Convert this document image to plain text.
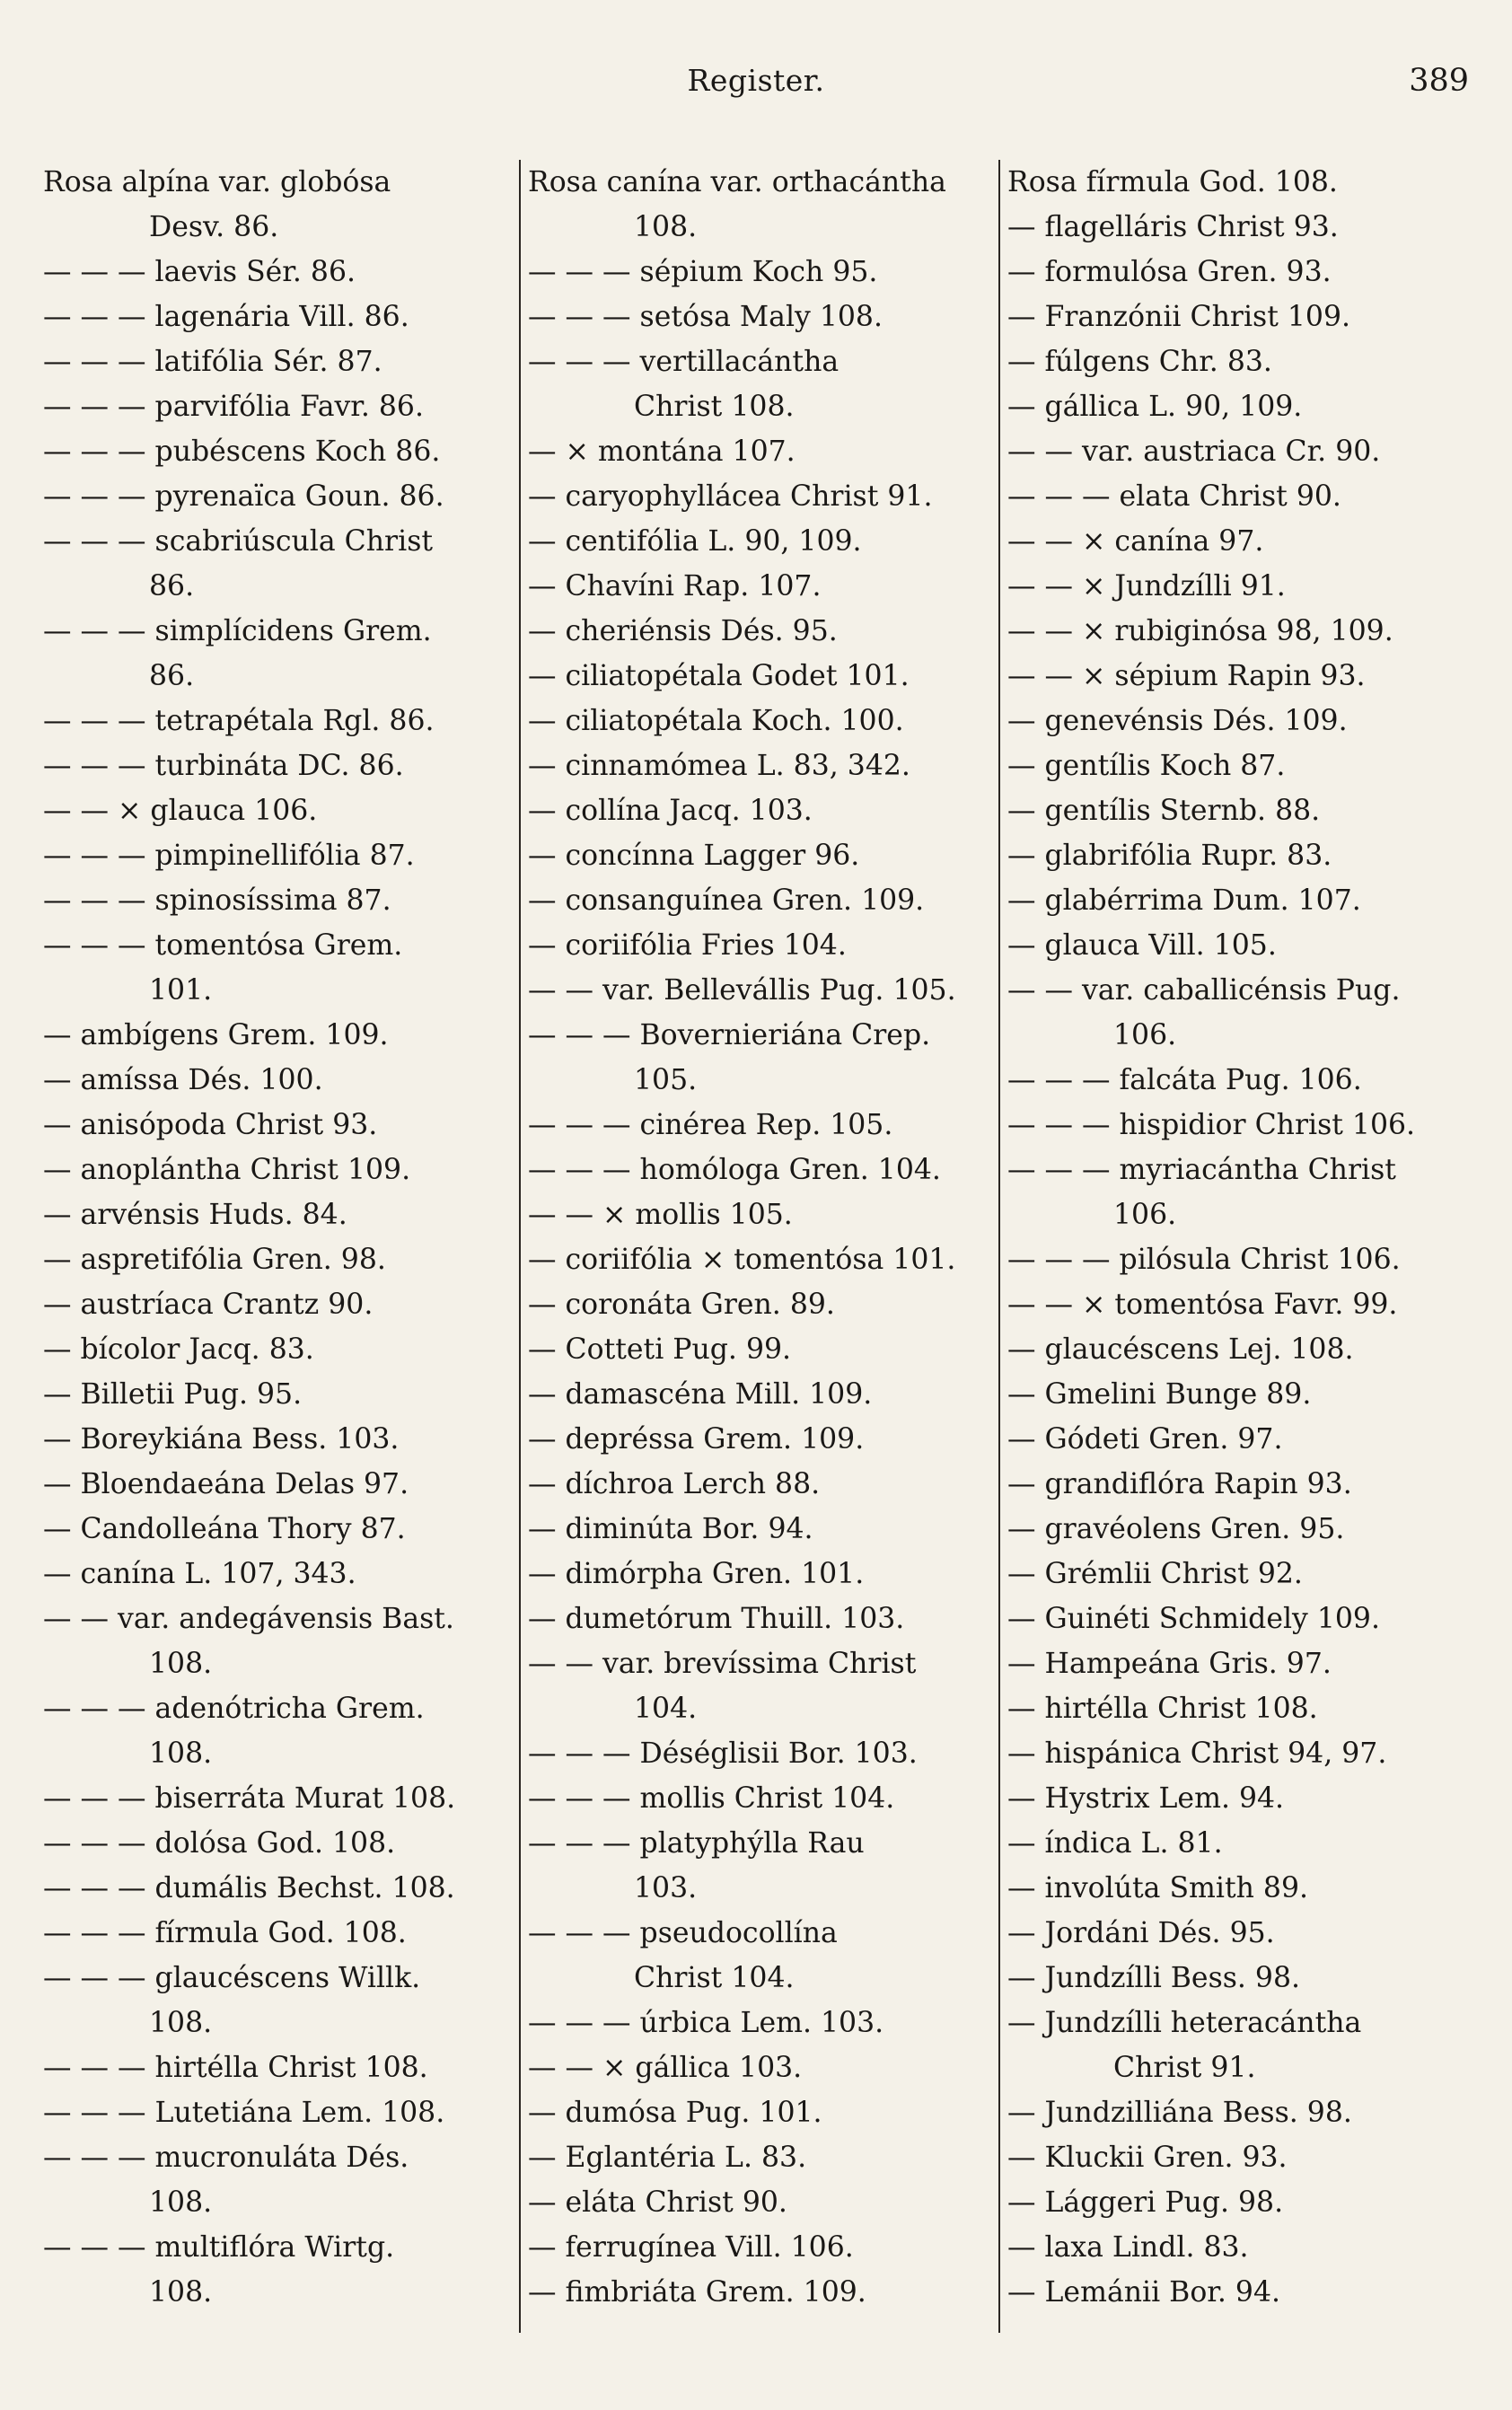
Register.	389
Rosa alpína var. globósa
Desv. 86.
— — — laevis Sér. 86.
— — — lagenária Vill. 86.
— — — latifólia Sér. 87.
— — — parvifólia Favr. 86.
— — — pubéscens Koch 86.
— — — pyrenaïca Goun. 86.
— — — scabriúscula Christ
86.
— — — simplícidens Grem.
86.
— — — tetrapétala Rgl. 86.
— — — turbináta DC. 86.
— — × glauca 106.
— — — pimpinellifólia 87.
— — — spinosíssima 87.
— — — tomentósa Grem.
101.
— ambígens Grem. 109.
— amíssa Dés. 100.
— anisópoda Christ 93.
— anoplántha Christ 109.
— arvénsis Huds. 84.
— aspretifólia Gren. 98.
— austríaca Crantz 90.
— bícolor Jacq. 83.
— Billetii Pug. 95.
— Boreykiána Bess. 103.
— Bloendaeána Delas 97.
— Candolleána Thory 87.
— canína L. 107, 343.
— — var. andegávensis Bast.
108.
— — — adenótricha Grem.
108.
— — — biserráta Murat 108.
— — — dolósa God. 108.
— — — dumális Bechst. 108.
— — — fírmula God. 108.
— — — glaucéscens Willk.
108.
— — — hirtélla Christ 108.
— — — Lutetiána Lem. 108.
— — — mucronuláta Dés.
108.
— — — multiflóra Wirtg.
108.
Rosa canína var. orthacántha
108.
— — — sépium Koch 95.
— — — setósa Maly 108.
— — — vertillacántha
Christ 108.
— × montána 107.
— caryophyllácea Christ 91.
— centifólia L. 90, 109.
— Chavíni Rap. 107.
— cheriénsis Dés. 95.
— ciliatopétala Godet 101.
— ciliatopétala Koch. 100.
— cinnamómea L. 83, 342.
— collína Jacq. 103.
— concínna Lagger 96.
— consanguínea Gren. 109.
— coriifólia Fries 104.
— — var. Bellevállis Pug. 105.
— — — Bovernieriána Crep.
105.
— — — cinérea Rep. 105.
— — — homóloga Gren. 104.
— — × mollis 105.
— coriifólia × tomentósa 101.
— coronáta Gren. 89.
— Cotteti Pug. 99.
— damascéna Mill. 109.
— depréssa Grem. 109.
— díchroa Lerch 88.
— diminúta Bor. 94.
— dimórpha Gren. 101.
— dumetórum Thuill. 103.
— — var. brevíssima Christ
104.
— — — Déséglisii Bor. 103.
— — — mollis Christ 104.
— — — platyphýlla Rau
103.
— — — pseudocollína
Christ 104.
— — — úrbica Lem. 103.
— — × gállica 103.
— dumósa Pug. 101.
— Eglantéria L. 83.
— eláta Christ 90.
— ferrugínea Vill. 106.
— fimbriáta Grem. 109.
Rosa fírmula God. 108.
— flagelláris Christ 93.
— formulósa Gren. 93.
— Franzónii Christ 109.
— fúlgens Chr. 83.
— gállica L. 90, 109.
— — var. austriaca Cr. 90.
— — — elata Christ 90.
— — × canína 97.
— — × Jundzílli 91.
— — × rubiginósa 98, 109.
— — × sépium Rapin 93.
— genevénsis Dés. 109.
— gentílis Koch 87.
— gentílis Sternb. 88.
— glabrifólia Rupr. 83.
— glabérrima Dum. 107.
— glauca Vill. 105.
— — var. caballicénsis Pug.
106.
— — — falcáta Pug. 106.
— — — hispidior Christ 106.
— — — myriacántha Christ
106.
— — — pilósula Christ 106.
— — × tomentósa Favr. 99.
— glaucéscens Lej. 108.
— Gmelini Bunge 89.
— Gódeti Gren. 97.
— grandiflóra Rapin 93.
— gravéolens Gren. 95.
— Grémlii Christ 92.
— Guinéti Schmidely 109.
— Hampeána Gris. 97.
— hirtélla Christ 108.
— hispánica Christ 94, 97.
— Hystrix Lem. 94.
— índica L. 81.
— involúta Smith 89.
— Jordáni Dés. 95.
— Jundzílli Bess. 98.
— Jundzílli heteracántha
Christ 91.
— Jundzilliána Bess. 98.
— Kluckii Gren. 93.
— Lággeri Pug. 98.
— laxa Lindl. 83.
— Lemánii Bor. 94.
